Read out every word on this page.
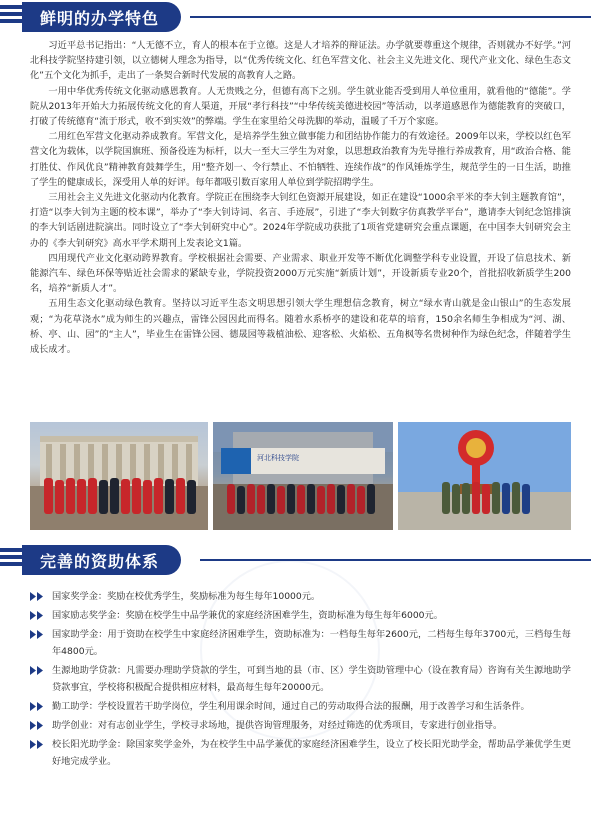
鲜明的办学特色

习近平总书记指出：“人无德不立，育人的根本在于立德。这是人才培养的辩证法。办学就要尊重这个规律，否则就办不好学。”河北科技学院坚持建引领，以立德树人理念为指导，以“优秀传统文化、红色军营文化、社会主义先进文化、现代产业文化、绿色生态文化”五个文化为抓手，走出了一条契合新时代发展的高教育人之路。

一用中华优秀传统文化驱动感恩教育。人无贵贱之分，但德有高下之别。学生就业能否受到用人单位重用，就看他的“德能”。学院从2013年开始大力拓展传统文化的育人渠道，开展“孝行科技”“中华传统美德进校园”等活动，以孝道感恩作为德能教育的突破口，打破了传统德育“流于形式，收不到实效”的弊端。学生在家里给父母洗脚的举动，温暖了千万个家庭。

二用红色军营文化驱动养成教育。军营文化，是培养学生独立做事能力和团结协作能力的有效途径。2009年以来，学校以红色军营文化为载体，以学院国旗班、预备役连为标杆，以大一至大三学生为对象，以思想政治教育为先导推行养成教育，用“政治合格、能打胜仗、作风优良”精神教育鼓舞学生，用“整齐划一、令行禁止、不怕牺牲、连续作战”的作风锤炼学生，规范学生的一日生活，助推了学生的健康成长，深受用人单的好评。每年都吸引数百家用人单位到学院招聘学生。

三用社会主义先进文化驱动内化教育。学院正在围绕李大钊红色资源开展建设，如正在建设“1000余平米的李大钊主题教育馆”，打造“以李大钊为主题的校本课”，举办了“李大钊诗词、名言、手迹展”，引进了“李大钊数字仿真教学平台”，邀请李大钊纪念馆排演的李大钊话剧进院演出。同时设立了“李大钊研究中心”。2024年学院成功获批了1项省党建研究会重点课题，在中国李大钊研究会主办的《李大钊研究》高水平学术期刊上发表论文1篇。

四用现代产业文化驱动跨界教育。学校根据社会需要、产业需求、职业开发等不断优化调整学科专业设置，开设了信息技术、新能源汽车、绿色环保等贴近社会需求的紧缺专业，学院投资2000万元实施“新质计划”，开设新质专业20个，首批招收新质学生200名，培养“新质人才”。

五用生态文化驱动绿色教育。坚持以习近平生态文明思想引领大学生理想信念教育，树立“绿水青山就是金山银山”的生态发展观；“为花草浇水”成为师生的兴趣点，雷锋公园因此而得名。随着水系桥亭的建设和花草的培育，150余名师生争相成为“河、湖、桥、亭、山、园”的“主人”，毕业生在雷锋公园、德晟园等栽植油松、迎客松、火焰松、五角枫等名贵树种作为绿色纪念，伴随着学生成长成才。

河北科技学院
完善的资助体系
国家奖学金：奖励在校优秀学生，奖励标准为每生每年10000元。
国家励志奖学金：奖励在校学生中品学兼优的家庭经济困难学生，资助标准为每生每年6000元。
国家助学金：用于资助在校学生中家庭经济困难学生，资助标准为：一档每生每年2600元，二档每生每年3700元，三档每生每年4800元。
生源地助学贷款：凡需要办理助学贷款的学生，可到当地的县（市、区）学生资助管理中心（设在教育局）咨询有关生源地助学贷款事宜，学校将积极配合提供相应材料，最高每生每年20000元。
勤工助学：学校设置若干助学岗位，学生利用课余时间，通过自己的劳动取得合法的报酬，用于改善学习和生活条件。
助学创业：对有志创业学生，学校寻求场地，提供咨询管理服务，对经过筛选的优秀项目，专家进行创业指导。
校长阳光助学金：除国家奖学金外，为在校学生中品学兼优的家庭经济困难学生，设立了校长阳光助学金，帮助品学兼优学生更好地完成学业。
